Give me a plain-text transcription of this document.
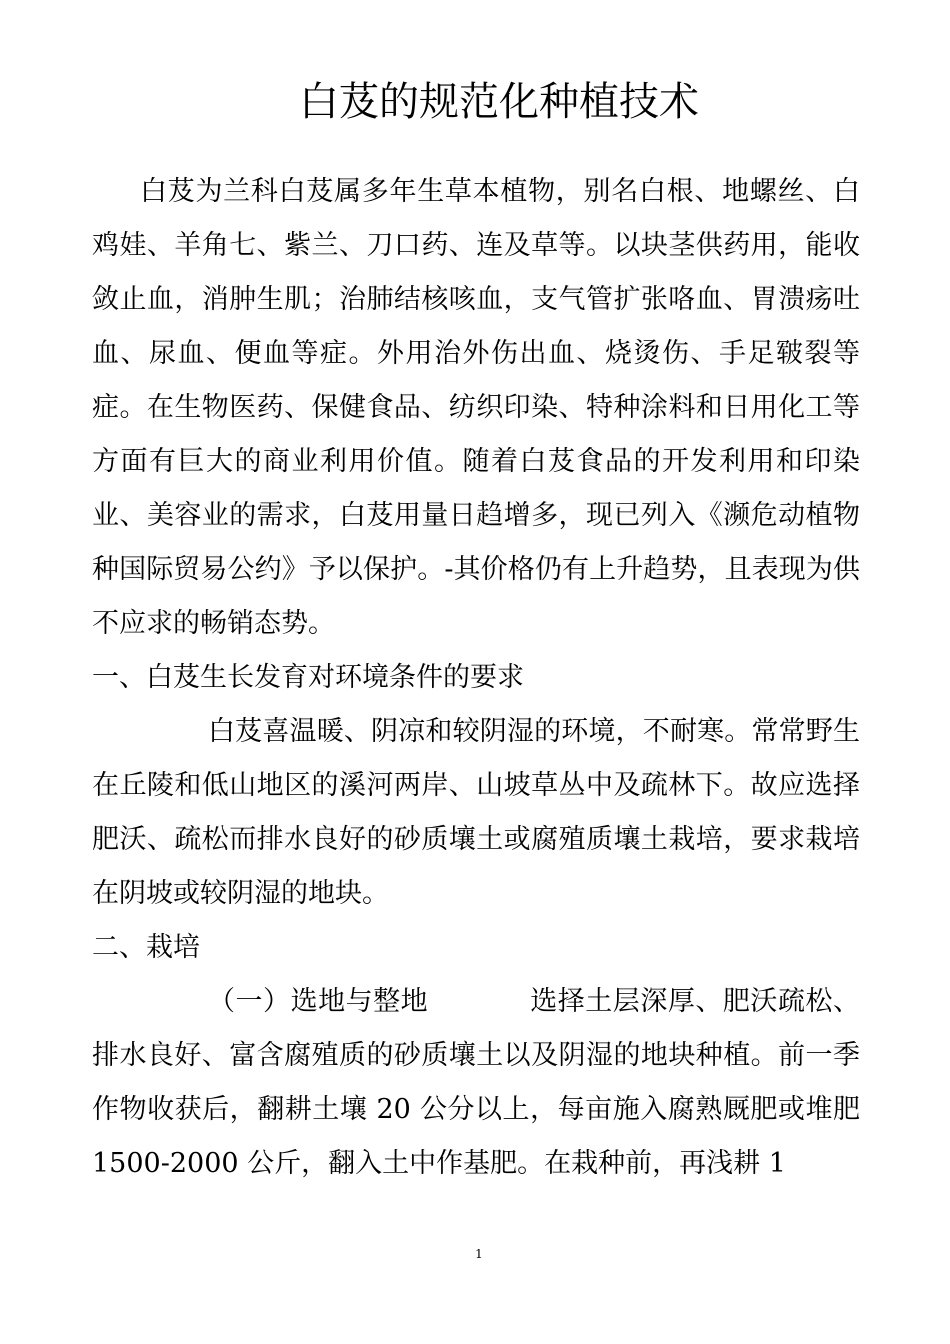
白芨的规范化种植技术

白芨为兰科白芨属多年生草本植物，别名白根、地螺丝、白鸡娃、羊角七、紫兰、刀口药、连及草等。以块茎供药用，能收敛止血，消肿生肌；治肺结核咳血，支气管扩张咯血、胃溃疡吐血、尿血、便血等症。外用治外伤出血、烧烫伤、手足皲裂等症。在生物医药、保健食品、纺织印染、特种涂料和日用化工等方面有巨大的商业利用价值。随着白芨食品的开发利用和印染业、美容业的需求，白芨用量日趋增多，现已列入《濒危动植物种国际贸易公约》予以保护。-其价格仍有上升趋势，且表现为供不应求的畅销态势。

一、白芨生长发育对环境条件的要求

白芨喜温暖、阴凉和较阴湿的环境，不耐寒。常常野生在丘陵和低山地区的溪河两岸、山坡草丛中及疏林下。故应选择肥沃、疏松而排水良好的砂质壤土或腐殖质壤土栽培，要求栽培在阴坡或较阴湿的地块。

二、栽培

（一）选地与整地	选择土层深厚、肥沃疏松、排水良好、富含腐殖质的砂质壤土以及阴湿的地块种植。前一季作物收获后，翻耕土壤 20 公分以上，每亩施入腐熟厩肥或堆肥 1500-2000 公斤，翻入土中作基肥。在栽种前，再浅耕 1

1
